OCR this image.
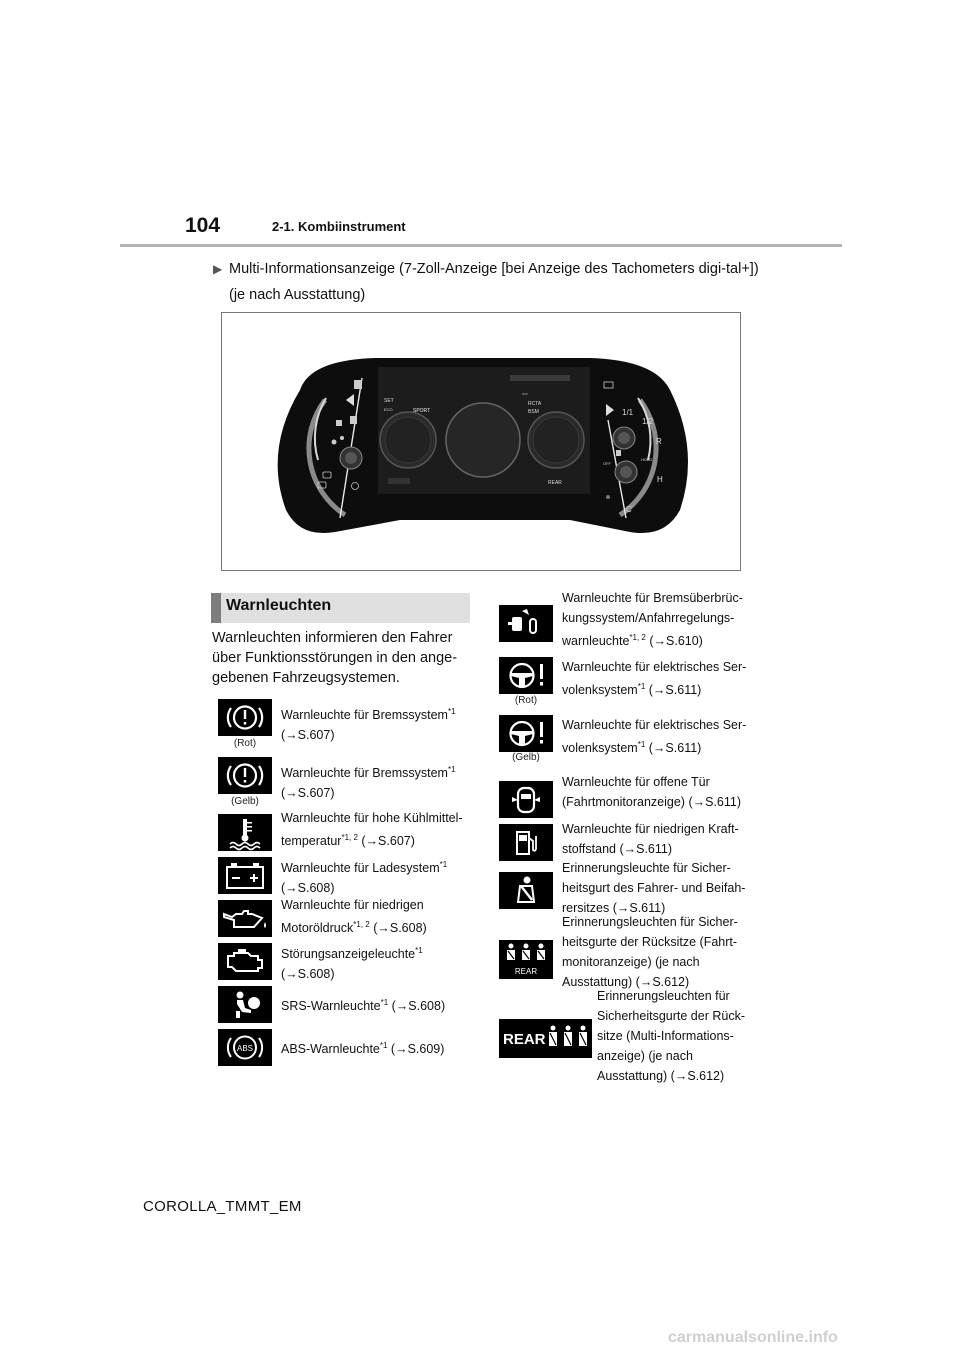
104	2-1. Kombiinstrument
▶ Multi-Informationsanzeige (7-Zoll-Anzeige [bei Anzeige des Tachometers digi-tal+]) (je nach Ausstattung)
SET
ECO	SPORT
RCTA
BSM
REAR
OFF
1/1
1/2
R
HOLD
H
C
OFF
Warnleuchten
Warnleuchten informieren den Fahrer über Funktionsstörungen in den ange-gebenen Fahrzeugsystemen.
(Rot)
Warnleuchte für Bremssystem$^{*1}$
(→S.607)
(Gelb)
Warnleuchte für Bremssystem$^{*1}$
(→S.607)
Warnleuchte für hohe Kühlmittel-
temperatur$^{*1, 2}$ (→S.607)
Warnleuchte für Ladesystem$^{*1}$
(→S.608)
Warnleuchte für niedrigen
Motoröldruck$^{*1, 2}$ (→S.608)
Störungsanzeigeleuchte$^{*1}$
(→S.608)
SRS-Warnleuchte$^{*1}$ (→S.608)
ABS ABS-Warnleuchte$^{*1}$ (→S.609)
Warnleuchte für Bremsüberbrüc-
kungssystem/Anfahrregelungs-
warnleuchte$^{*1, 2}$ (→S.610)
(Rot)
Warnleuchte für elektrisches Ser-
volenksystem$^{*1}$ (→S.611)
(Gelb)
Warnleuchte für elektrisches Ser-
volenksystem$^{*1}$ (→S.611)
Warnleuchte für offene Tür
(Fahrtmonitoranzeige) (→S.611)
Warnleuchte für niedrigen Kraft-
stoffstand (→S.611)
Erinnerungsleuchte für Sicher-
heitsgurt des Fahrer- und Beifah-
rersitzes (→S.611)
REAR
Erinnerungsleuchten für Sicher-
heitsgurte der Rücksitze (Fahrt-
monitoranzeige) (je nach
Ausstattung) (→S.612)
REAR
Erinnerungsleuchten für
Sicherheitsgurte der Rück-
sitze (Multi-Informations-
anzeige) (je nach
Ausstattung) (→S.612)
COROLLA_TMMT_EM
carmanualsonline.info
